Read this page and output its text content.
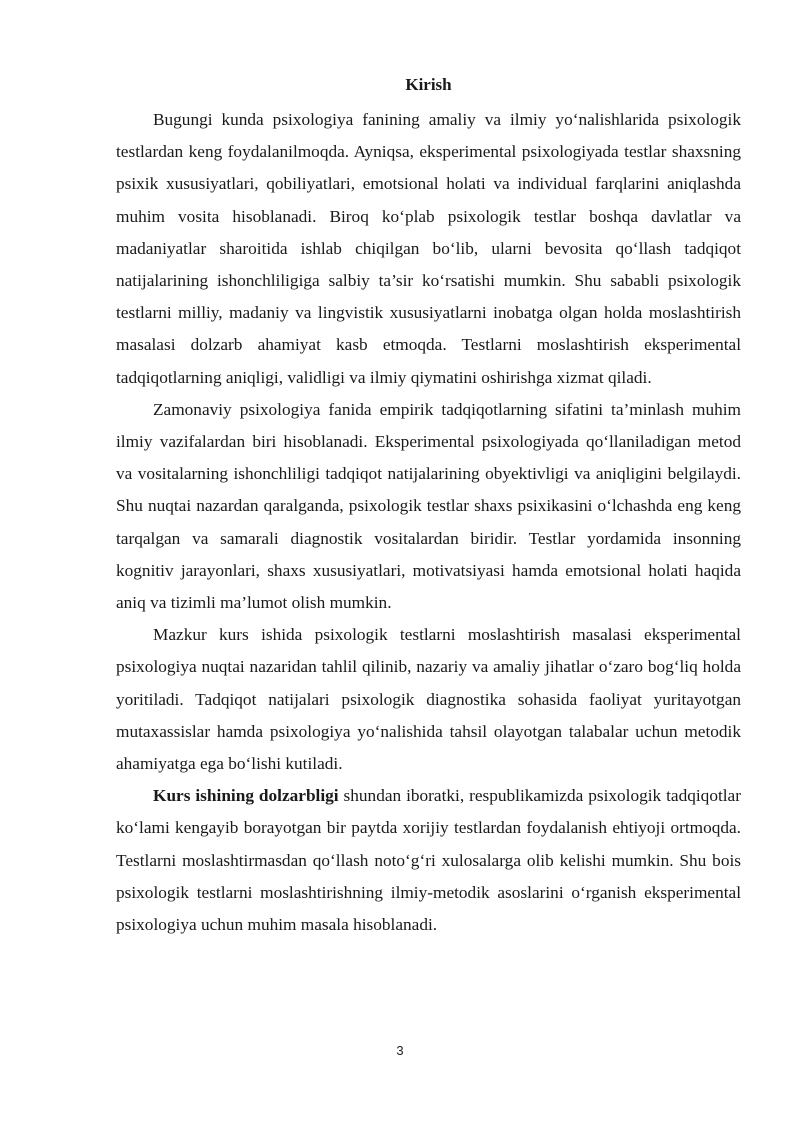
Kirish

Bugungi kunda psixologiya fanining amaliy va ilmiy yo‘nalishlarida psixologik testlardan keng foydalanilmoqda. Ayniqsa, eksperimental psixologiyada testlar shaxsning psixik xususiyatlari, qobiliyatlari, emotsional holati va individual farqlarini aniqlashda muhim vosita hisoblanadi. Biroq ko‘plab psixologik testlar boshqa davlatlar va madaniyatlar sharoitida ishlab chiqilgan bo‘lib, ularni bevosita qo‘llash tadqiqot natijalarining ishonchliligiga salbiy ta’sir ko‘rsatishi mumkin. Shu sababli psixologik testlarni milliy, madaniy va lingvistik xususiyatlarni inobatga olgan holda moslashtirish masalasi dolzarb ahamiyat kasb etmoqda. Testlarni moslashtirish eksperimental tadqiqotlarning aniqligi, validligi va ilmiy qiymatini oshirishga xizmat qiladi.

Zamonaviy psixologiya fanida empirik tadqiqotlarning sifatini ta’minlash muhim ilmiy vazifalardan biri hisoblanadi. Eksperimental psixologiyada qo‘llaniladigan metod va vositalarning ishonchliligi tadqiqot natijalarining obyektivligi va aniqligini belgilaydi. Shu nuqtai nazardan qaralganda, psixologik testlar shaxs psixikasini o‘lchashda eng keng tarqalgan va samarali diagnostik vositalardan biridir. Testlar yordamida insonning kognitiv jarayonlari, shaxs xususiyatlari, motivatsiyasi hamda emotsional holati haqida aniq va tizimli ma’lumot olish mumkin.

Mazkur kurs ishida psixologik testlarni moslashtirish masalasi eksperimental psixologiya nuqtai nazaridan tahlil qilinib, nazariy va amaliy jihatlar o‘zaro bog‘liq holda yoritiladi. Tadqiqot natijalari psixologik diagnostika sohasida faoliyat yuritayotgan mutaxassislar hamda psixologiya yo‘nalishida tahsil olayotgan talabalar uchun metodik ahamiyatga ega bo‘lishi kutiladi.

Kurs ishining dolzarbligi shundan iboratki, respublikamizda psixologik tadqiqotlar ko‘lami kengayib borayotgan bir paytda xorijiy testlardan foydalanish ehtiyoji ortmoqda. Testlarni moslashtirmasdan qo‘llash noto‘g‘ri xulosalarga olib kelishi mumkin. Shu bois psixologik testlarni moslashtirishning ilmiy-metodik asoslarini o‘rganish eksperimental psixologiya uchun muhim masala hisoblanadi.

3
